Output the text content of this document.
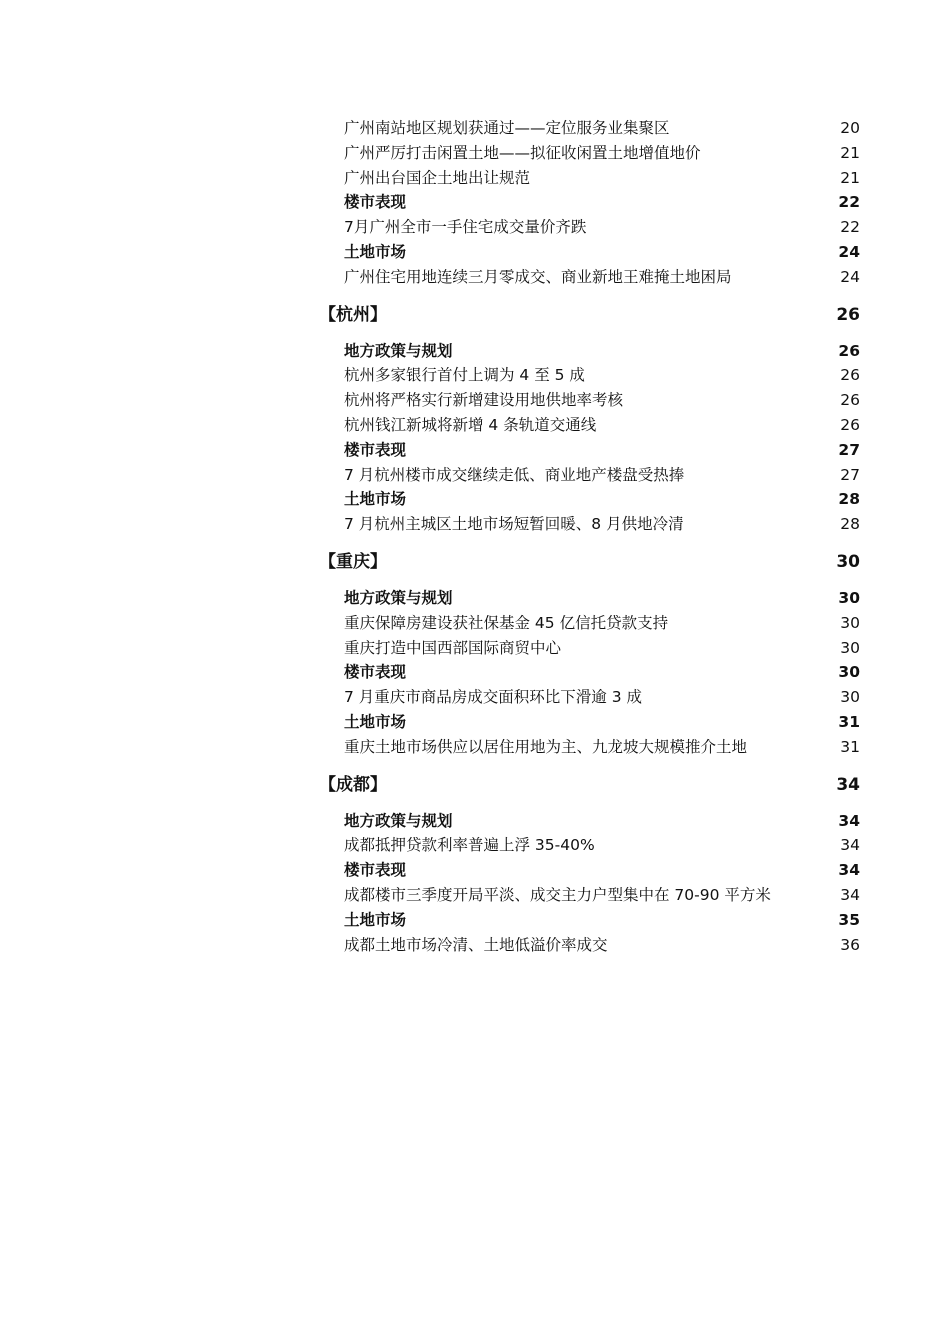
广州南站地区规划获通过——定位服务业集聚区	20
广州严厉打击闲置土地——拟征收闲置土地增值地价	21
广州出台国企土地出让规范	21
楼市表现	22
7月广州全市一手住宅成交量价齐跌	22
土地市场	24
广州住宅用地连续三月零成交、商业新地王难掩土地困局	24
【杭州】	26
地方政策与规划	26
杭州多家银行首付上调为 4 至 5 成	26
杭州将严格实行新增建设用地供地率考核	26
杭州钱江新城将新增 4 条轨道交通线	26
楼市表现	27
7 月杭州楼市成交继续走低、商业地产楼盘受热捧	27
土地市场	28
7 月杭州主城区土地市场短暂回暖、8 月供地冷清	28
【重庆】	30
地方政策与规划	30
重庆保障房建设获社保基金 45 亿信托贷款支持	30
重庆打造中国西部国际商贸中心	30
楼市表现	30
7 月重庆市商品房成交面积环比下滑逾 3 成	30
土地市场	31
重庆土地市场供应以居住用地为主、九龙坡大规模推介土地	31
【成都】	34
地方政策与规划	34
成都抵押贷款利率普遍上浮 35-40%	34
楼市表现	34
成都楼市三季度开局平淡、成交主力户型集中在 70-90 平方米	34
土地市场	35
成都土地市场冷清、土地低溢价率成交	36
